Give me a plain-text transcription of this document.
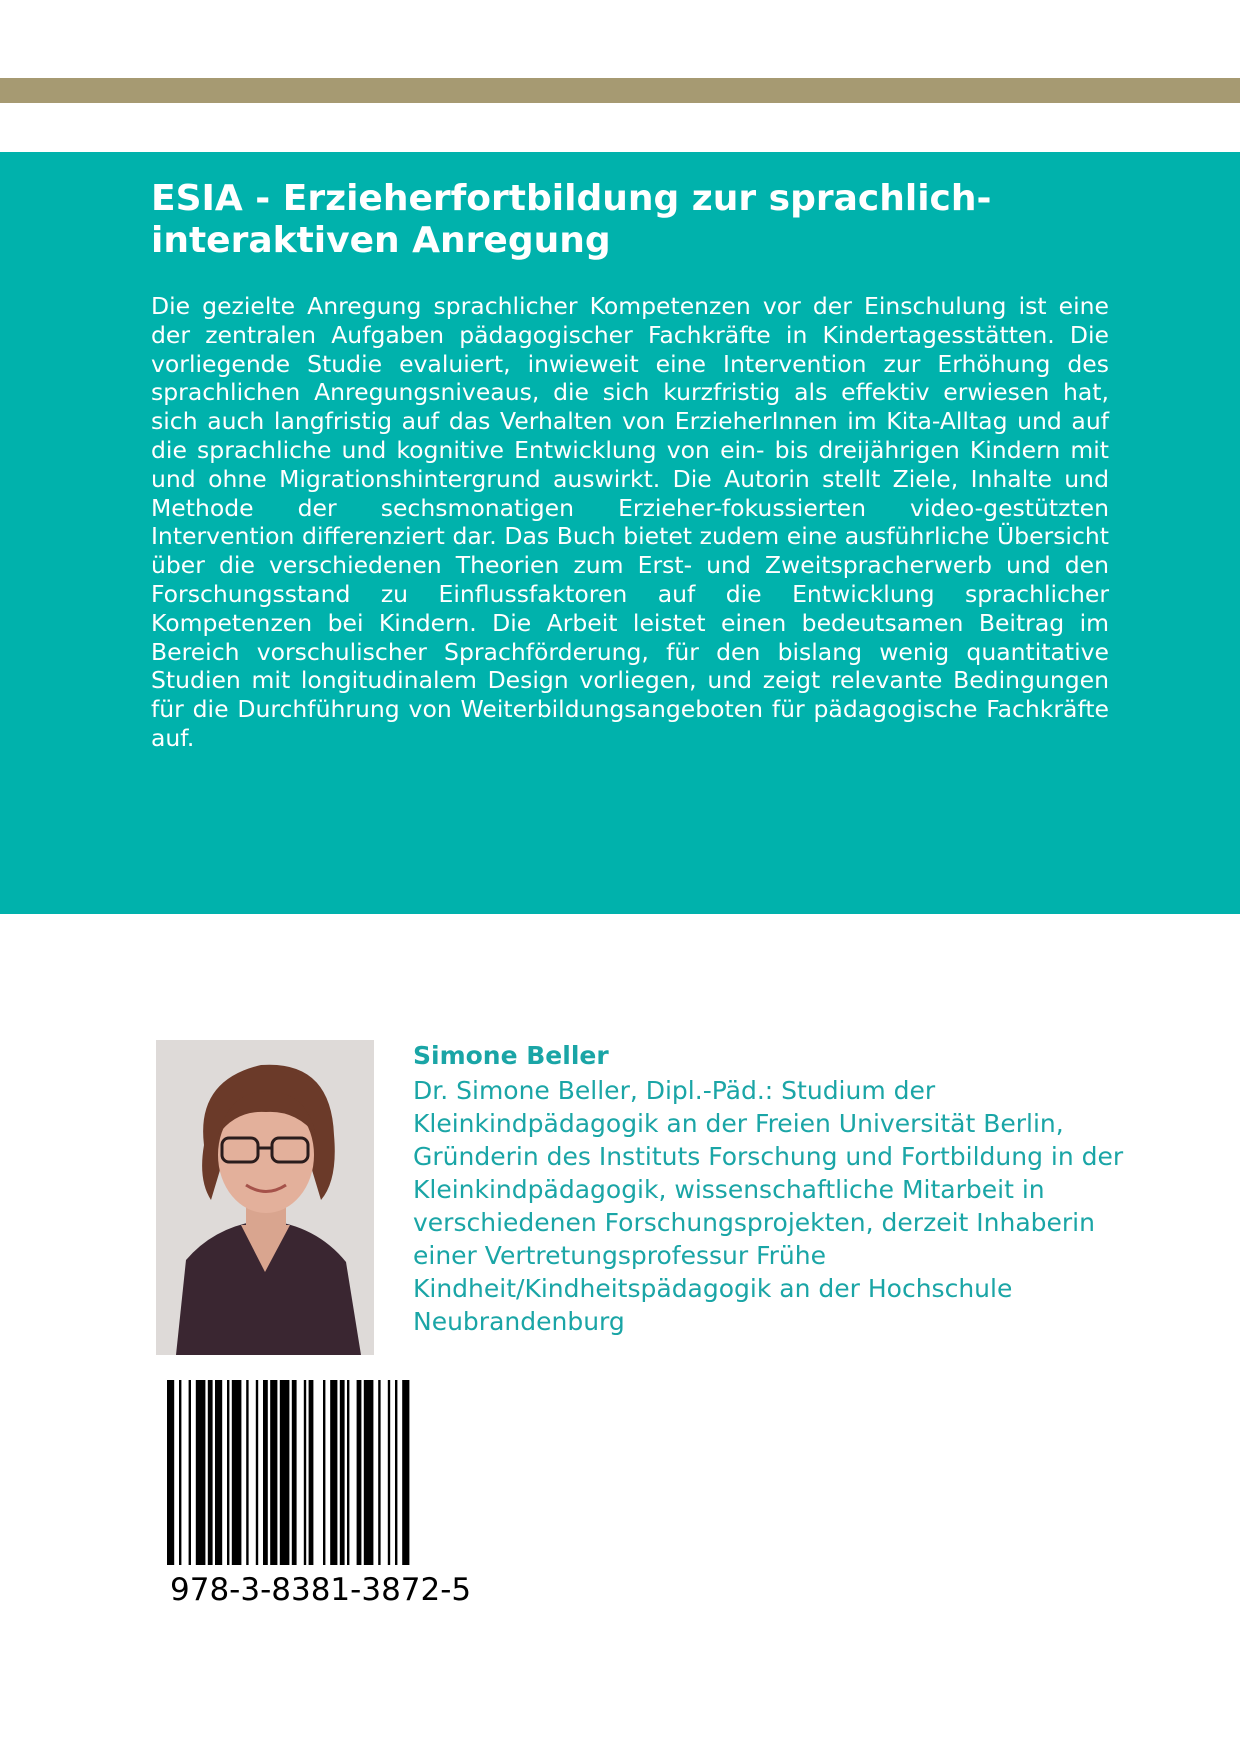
ESIA - Erzieherfortbildung zur sprachlich-interaktiven Anregung

Die gezielte Anregung sprachlicher Kompetenzen vor der Einschulung ist eine der zentralen Aufgaben pädagogischer Fachkräfte in Kindertagesstätten. Die vorliegende Studie evaluiert, inwieweit eine Intervention zur Erhöhung des sprachlichen Anregungsniveaus, die sich kurzfristig als effektiv erwiesen hat, sich auch langfristig auf das Verhalten von ErzieherInnen im Kita-Alltag und auf die sprachliche und kognitive Entwicklung von ein- bis dreijährigen Kindern mit und ohne Migrationshintergrund auswirkt. Die Autorin stellt Ziele, Inhalte und Methode der sechsmonatigen Erzieher-fokussierten video-gestützten Intervention differenziert dar. Das Buch bietet zudem eine ausführliche Übersicht über die verschiedenen Theorien zum Erst- und Zweitspracherwerb und den Forschungsstand zu Einflussfaktoren auf die Entwicklung sprachlicher Kompetenzen bei Kindern. Die Arbeit leistet einen bedeutsamen Beitrag im Bereich vorschulischer Sprachförderung, für den bislang wenig quantitative Studien mit longitudinalem Design vorliegen, und zeigt relevante Bedingungen für die Durchführung von Weiterbildungsangeboten für pädagogische Fachkräfte auf.

Simone Beller

Dr. Simone Beller, Dipl.-Päd.: Studium der Kleinkindpädagogik an der Freien Universität Berlin, Gründerin des Instituts Forschung und Fortbildung in der Kleinkindpädagogik, wissenschaftliche Mitarbeit in verschiedenen Forschungsprojekten, derzeit Inhaberin einer Vertretungsprofessur Frühe Kindheit/Kindheitspädagogik an der Hochschule Neubrandenburg

978-3-8381-3872-5
